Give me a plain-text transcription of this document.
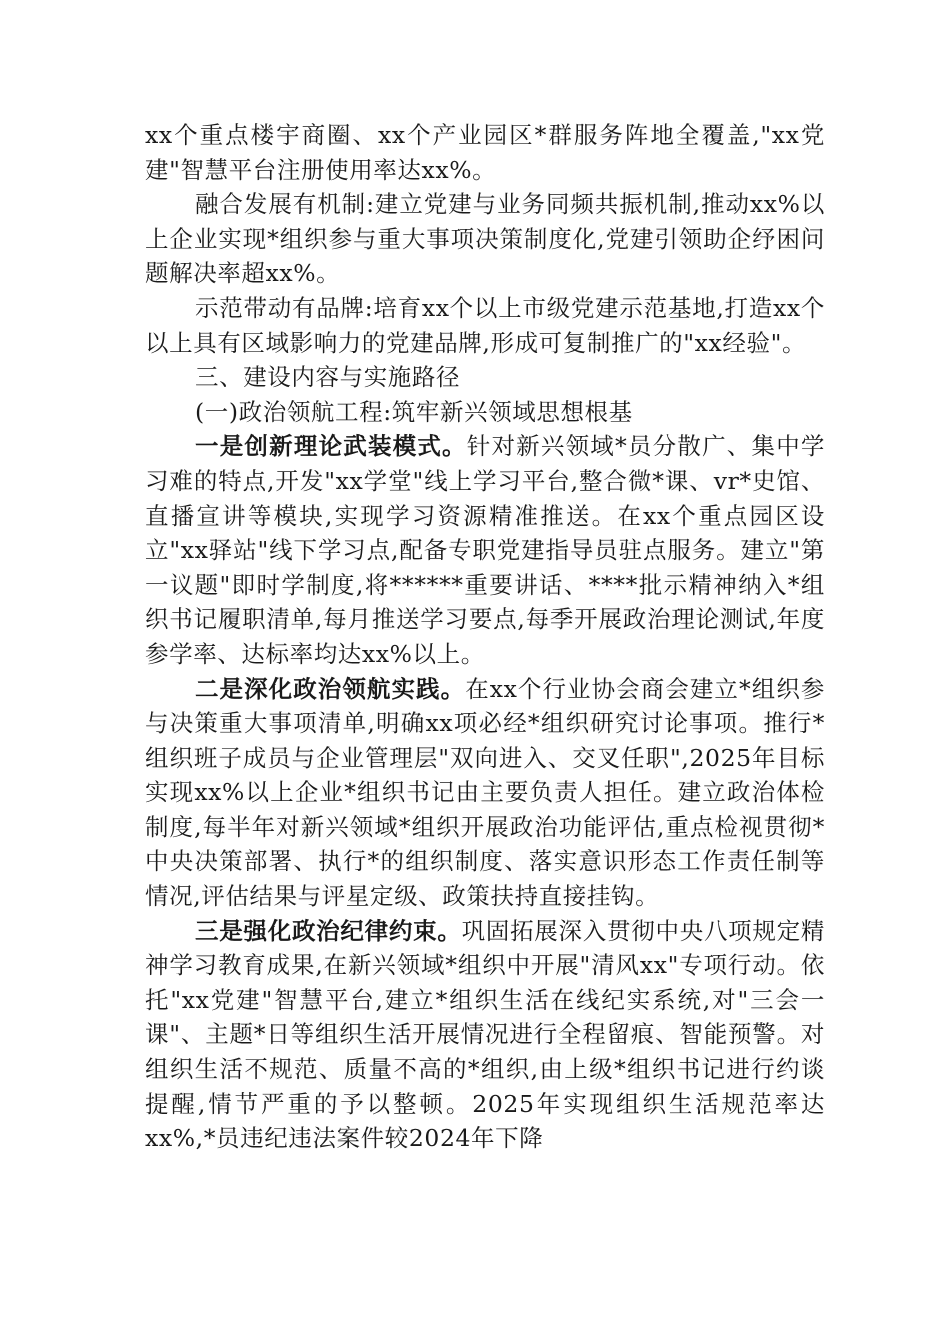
xx个重点楼宇商圈、xx个产业园区*群服务阵地全覆盖,"xx党建"智慧平台注册使用率达xx%。

融合发展有机制:建立党建与业务同频共振机制,推动xx%以上企业实现*组织参与重大事项决策制度化,党建引领助企纾困问题解决率超xx%。

示范带动有品牌:培育xx个以上市级党建示范基地,打造xx个以上具有区域影响力的党建品牌,形成可复制推广的"xx经验"。

三、建设内容与实施路径

(一)政治领航工程:筑牢新兴领域思想根基

一是创新理论武装模式。针对新兴领域*员分散广、集中学习难的特点,开发"xx学堂"线上学习平台,整合微*课、vr*史馆、直播宣讲等模块,实现学习资源精准推送。在xx个重点园区设立"xx驿站"线下学习点,配备专职党建指导员驻点服务。建立"第一议题"即时学制度,将******重要讲话、****批示精神纳入*组织书记履职清单,每月推送学习要点,每季开展政治理论测试,年度参学率、达标率均达xx%以上。

二是深化政治领航实践。在xx个行业协会商会建立*组织参与决策重大事项清单,明确xx项必经*组织研究讨论事项。推行*组织班子成员与企业管理层"双向进入、交叉任职",2025年目标实现xx%以上企业*组织书记由主要负责人担任。建立政治体检制度,每半年对新兴领域*组织开展政治功能评估,重点检视贯彻*中央决策部署、执行*的组织制度、落实意识形态工作责任制等情况,评估结果与评星定级、政策扶持直接挂钩。

三是强化政治纪律约束。巩固拓展深入贯彻中央八项规定精神学习教育成果,在新兴领域*组织中开展"清风xx"专项行动。依托"xx党建"智慧平台,建立*组织生活在线纪实系统,对"三会一课"、主题*日等组织生活开展情况进行全程留痕、智能预警。对组织生活不规范、质量不高的*组织,由上级*组织书记进行约谈提醒,情节严重的予以整顿。2025年实现组织生活规范率达xx%,*员违纪违法案件较2024年下降
